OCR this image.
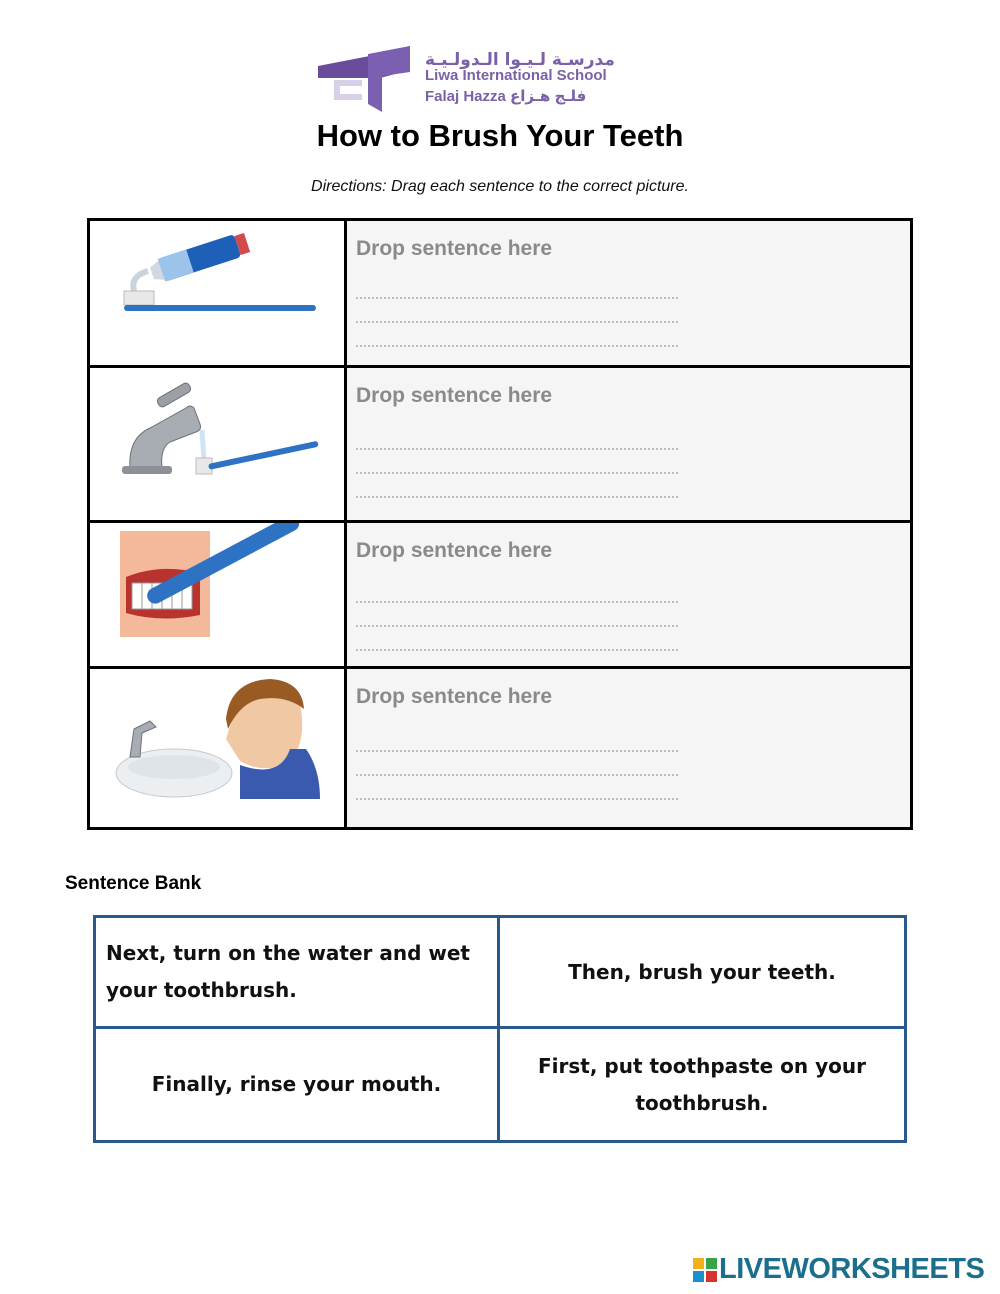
مدرسـة لـيـوا الـدولـيـة
Liwa International School
Falaj Hazza فلـج هـزاع
How to Brush Your Teeth
Directions: Drag each sentence to the correct picture.
Drop sentence here
Drop sentence here
Drop sentence here
Drop sentence here
Sentence Bank
Next, turn on the water and wet your toothbrush.
Then, brush your teeth.
Finally, rinse your mouth.
First, put toothpaste on your toothbrush.
LIVEWORKSHEETS
